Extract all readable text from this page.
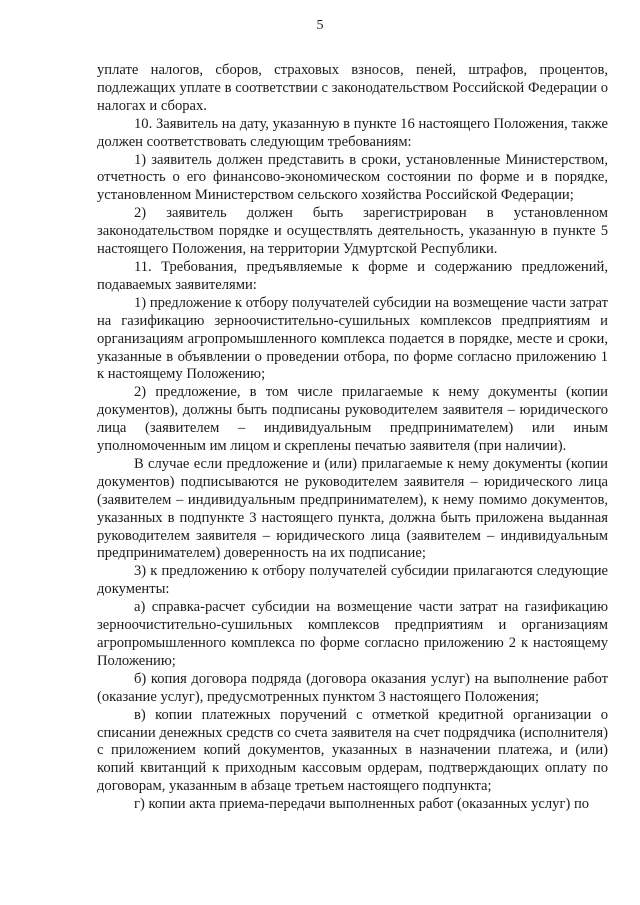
5

уплате налогов, сборов, страховых взносов, пеней, штрафов, процентов, подлежащих уплате в соответствии с законодательством Российской Федерации о налогах и сборах.

10. Заявитель на дату, указанную в пункте 16 настоящего Положения, также должен соответствовать следующим требованиям:

1) заявитель должен представить в сроки, установленные Министерством, отчетность о его финансово-экономическом состоянии по форме и в порядке, установленном Министерством сельского хозяйства Российской Федерации;

2) заявитель должен быть зарегистрирован в установленном законодательством порядке и осуществлять деятельность, указанную в пункте 5 настоящего Положения, на территории Удмуртской Республики.

11. Требования, предъявляемые к форме и содержанию предложений, подаваемых заявителями:

1) предложение к отбору получателей субсидии на возмещение части затрат на газификацию зерноочистительно-сушильных комплексов предприятиям и организациям агропромышленного комплекса подается в порядке, месте и сроки, указанные в объявлении о проведении отбора, по форме согласно приложению 1 к настоящему Положению;

2) предложение, в том числе прилагаемые к нему документы (копии документов), должны быть подписаны руководителем заявителя – юридического лица (заявителем – индивидуальным предпринимателем) или иным уполномоченным им лицом и скреплены печатью заявителя (при наличии).

В случае если предложение и (или) прилагаемые к нему документы (копии документов) подписываются не руководителем заявителя – юридического лица (заявителем – индивидуальным предпринимателем), к нему помимо документов, указанных в подпункте 3 настоящего пункта, должна быть приложена выданная руководителем заявителя – юридического лица (заявителем – индивидуальным предпринимателем) доверенность на их подписание;

3) к предложению к отбору получателей субсидии прилагаются следующие документы:

а) справка-расчет субсидии на возмещение части затрат на газификацию зерноочистительно-сушильных комплексов предприятиям и организациям агропромышленного комплекса по форме согласно приложению 2 к настоящему Положению;

б) копия договора подряда (договора оказания услуг) на выполнение работ (оказание услуг), предусмотренных пунктом 3 настоящего Положения;

в) копии платежных поручений с отметкой кредитной организации о списании денежных средств со счета заявителя на счет подрядчика (исполнителя) с приложением копий документов, указанных в назначении платежа, и (или) копий квитанций к приходным кассовым ордерам, подтверждающих оплату по договорам, указанным в абзаце третьем настоящего подпункта;

г) копии акта приема-передачи выполненных работ (оказанных услуг) по
